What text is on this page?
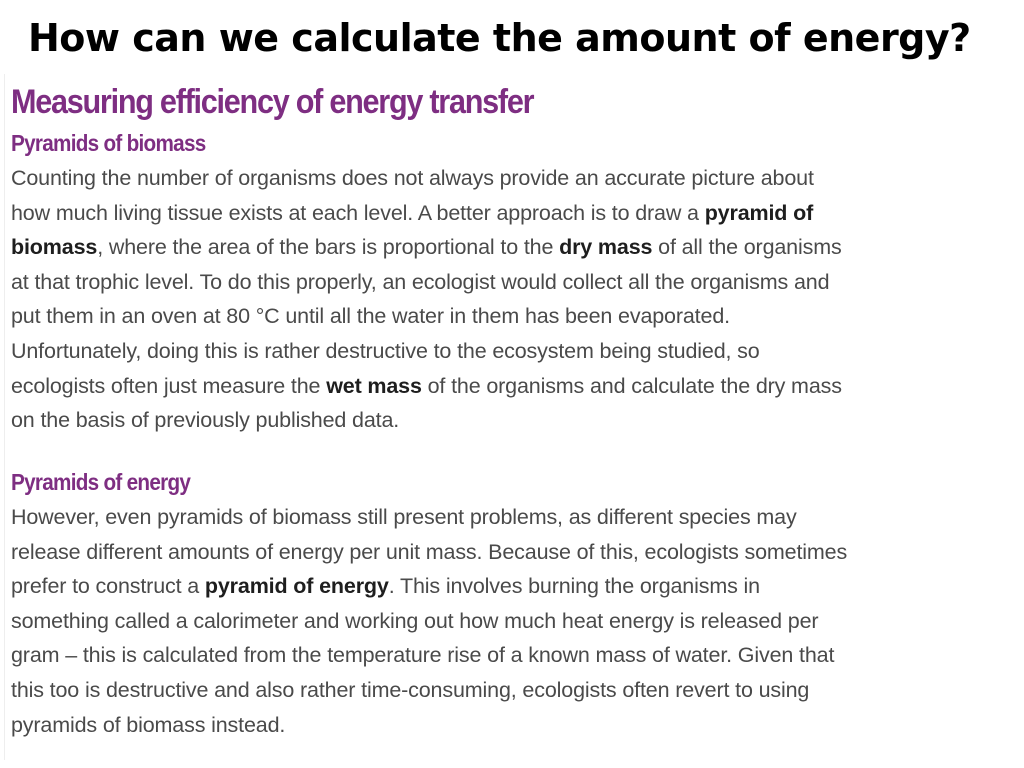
How can we calculate the amount of energy?
Measuring efficiency of energy transfer
Pyramids of biomass

Counting the number of organisms does not always provide an accurate picture about
how much living tissue exists at each level. A better approach is to draw a pyramid of
biomass, where the area of the bars is proportional to the dry mass of all the organisms
at that trophic level. To do this properly, an ecologist would collect all the organisms and
put them in an oven at 80 °C until all the water in them has been evaporated.
Unfortunately, doing this is rather destructive to the ecosystem being studied, so
ecologists often just measure the wet mass of the organisms and calculate the dry mass
on the basis of previously published data.

Pyramids of energy

However, even pyramids of biomass still present problems, as different species may
release different amounts of energy per unit mass. Because of this, ecologists sometimes
prefer to construct a pyramid of energy. This involves burning the organisms in
something called a calorimeter and working out how much heat energy is released per
gram – this is calculated from the temperature rise of a known mass of water. Given that
this too is destructive and also rather time-consuming, ecologists often revert to using
pyramids of biomass instead.
